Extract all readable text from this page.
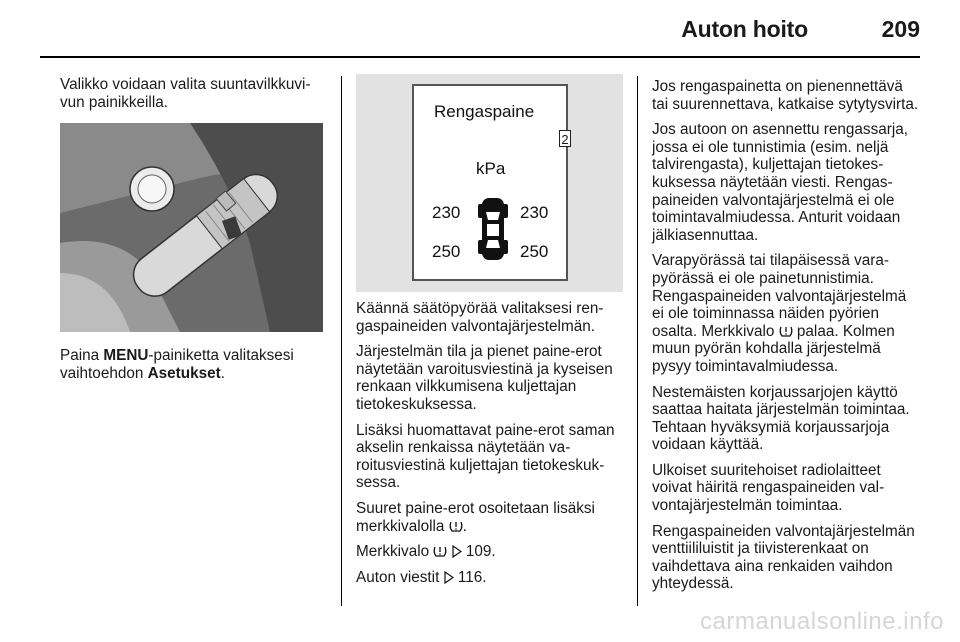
Auton hoito	209

Valikko voidaan valita suuntavilkkuvivun painikkeilla.

Paina MENU-painiketta valitaksesi vaihtoehdon Asetukset.

Rengaspaine
2
kPa
230	230
250	250

Käännä säätöpyörää valitaksesi rengaspaineiden valvontajärjestelmän.

Järjestelmän tila ja pienet paine-erot näytetään varoitusviestinä ja kyseisen renkaan vilkkumisena kuljettajan tietokeskuksessa.

Lisäksi huomattavat paine-erot saman akselin renkaissa näytetään varoitusviestinä kuljettajan tietokeskuksessa.

Suuret paine-erot osoitetaan lisäksi merkkivalolla .

Merkkivalo 109.

Auton viestit 116.

Jos rengaspainetta on pienennettävä tai suurennettava, katkaise sytytysvirta.

Jos autoon on asennettu rengassarja, jossa ei ole tunnistimia (esim. neljä talvirengasta), kuljettajan tietokeskuksessa näytetään viesti. Rengaspaineiden valvontajärjestelmä ei ole toimintavalmiudessa. Anturit voidaan jälkiasennuttaa.

Varapyörässä tai tilapäisessä varapyörässä ei ole painetunnistimia. Rengaspaineiden valvontajärjestelmä ei ole toiminnassa näiden pyörien osalta. Merkkivalo palaa. Kolmen muun pyörän kohdalla järjestelmä pysyy toimintavalmiudessa.

Nestemäisten korjaussarjojen käyttö saattaa haitata järjestelmän toimintaa. Tehtaan hyväksymiä korjaussarjoja voidaan käyttää.

Ulkoiset suuritehoiset radiolaitteet voivat häiritä rengaspaineiden valvontajärjestelmän toimintaa.

Rengaspaineiden valvontajärjestelmän venttiililuistit ja tiivisterenkaat on vaihdettava aina renkaiden vaihdon yhteydessä.

carmanualsonline.info
